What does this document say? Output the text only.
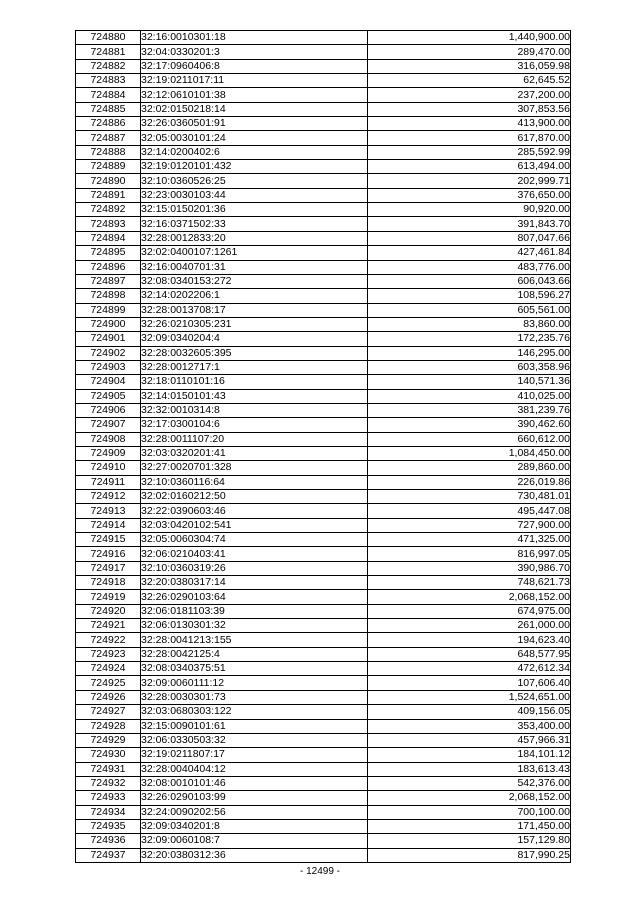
724880	32:16:0010301:18	1,440,900.00
724881	32:04:0330201:3	289,470.00
724882	32:17:0960406:8	316,059.98
724883	32:19:0211017:11	62,645.52
724884	32:12:0610101:38	237,200.00
724885	32:02:0150218:14	307,853.56
724886	32:26:0360501:91	413,900.00
724887	32:05:0030101:24	617,870.00
724888	32:14:0200402:6	285,592.99
724889	32:19:0120101:432	613,494.00
724890	32:10:0360526:25	202,999.71
724891	32:23:0030103:44	376,650.00
724892	32:15:0150201:36	90,920.00
724893	32:16:0371502:33	391,843.70
724894	32:28:0012833:20	807,047.66
724895	32:02:0400107:1261	427,461.84
724896	32:16:0040701:31	483,776.00
724897	32:08:0340153:272	606,043.66
724898	32:14:0202206:1	108,596.27
724899	32:28:0013708:17	605,561.00
724900	32:26:0210305:231	83,860.00
724901	32:09:0340204:4	172,235.76
724902	32:28:0032605:395	146,295.00
724903	32:28:0012717:1	603,358.96
724904	32:18:0110101:16	140,571.36
724905	32:14:0150101:43	410,025.00
724906	32:32:0010314:8	381,239.76
724907	32:17:0300104:6	390,462.60
724908	32:28:0011107:20	660,612.00
724909	32:03:0320201:41	1,084,450.00
724910	32:27:0020701:328	289,860.00
724911	32:10:0360116:64	226,019.86
724912	32:02:0160212:50	730,481.01
724913	32:22:0390603:46	495,447.08
724914	32:03:0420102:541	727,900.00
724915	32:05:0060304:74	471,325.00
724916	32:06:0210403:41	816,997.05
724917	32:10:0360319:26	390,986.70
724918	32:20:0380317:14	748,621.73
724919	32:26:0290103:64	2,068,152.00
724920	32:06:0181103:39	674,975.00
724921	32:06:0130301:32	261,000.00
724922	32:28:0041213:155	194,623.40
724923	32:28:0042125:4	648,577.95
724924	32:08:0340375:51	472,612.34
724925	32:09:0060111:12	107,606.40
724926	32:28:0030301:73	1,524,651.00
724927	32:03:0680303:122	409,156.05
724928	32:15:0090101:61	353,400.00
724929	32:06:0330503:32	457,966.31
724930	32:19:0211807:17	184,101.12
724931	32:28:0040404:12	183,613.43
724932	32:08:0010101:46	542,376.00
724933	32:26:0290103:99	2,068,152.00
724934	32:24:0090202:56	700,100.00
724935	32:09:0340201:8	171,450.00
724936	32:09:0060108:7	157,129.80
724937	32:20:0380312:36	817,990.25
- 12499 -
